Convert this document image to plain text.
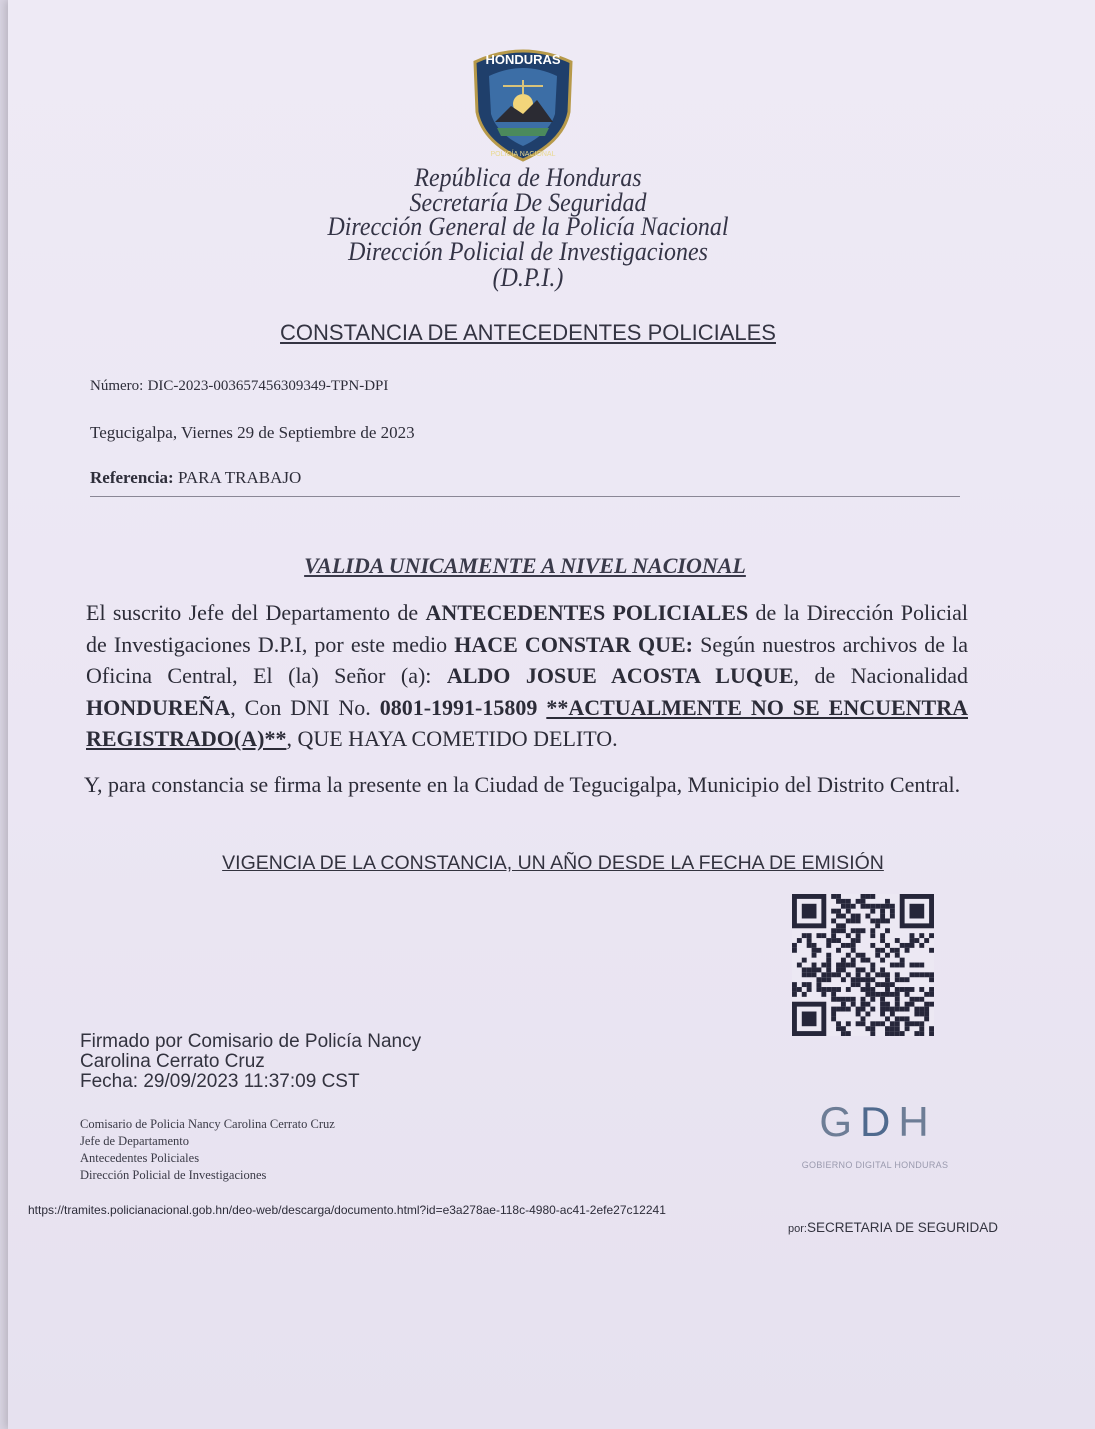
HONDURAS
POLICÍA NACIONAL
República de Honduras
Secretaría De Seguridad
Dirección General de la Policía Nacional
Dirección Policial de Investigaciones
(D.P.I.)
CONSTANCIA DE ANTECEDENTES POLICIALES
Número: DIC-2023-003657456309349-TPN-DPI
Tegucigalpa, Viernes 29 de Septiembre de 2023
Referencia: PARA TRABAJO
VALIDA UNICAMENTE A NIVEL NACIONAL
El suscrito Jefe del Departamento de ANTECEDENTES POLICIALES de la Dirección Policial de Investigaciones D.P.I, por este medio HACE CONSTAR QUE: Según nuestros archivos de la Oficina Central, El (la) Señor (a): ALDO JOSUE ACOSTA LUQUE, de Nacionalidad HONDUREÑA, Con DNI No. 0801-1991-15809 **ACTUALMENTE NO SE ENCUENTRA REGISTRADO(A)**, QUE HAYA COMETIDO DELITO.
Y, para constancia se firma la presente en la Ciudad de Tegucigalpa, Municipio del Distrito Central.
VIGENCIA DE LA CONSTANCIA, UN AÑO DESDE LA FECHA DE EMISIÓN
Firmado por Comisario de Policía Nancy
Carolina Cerrato Cruz
Fecha: 29/09/2023 11:37:09 CST
Comisario de Policia Nancy Carolina Cerrato Cruz
Jefe de Departamento
Antecedentes Policiales
Dirección Policial de Investigaciones
GDH
GOBIERNO DIGITAL HONDURAS
https://tramites.policianacional.gob.hn/deo-web/descarga/documento.html?id=e3a278ae-118c-4980-ac41-2efe27c12241
por:SECRETARIA DE SEGURIDAD
